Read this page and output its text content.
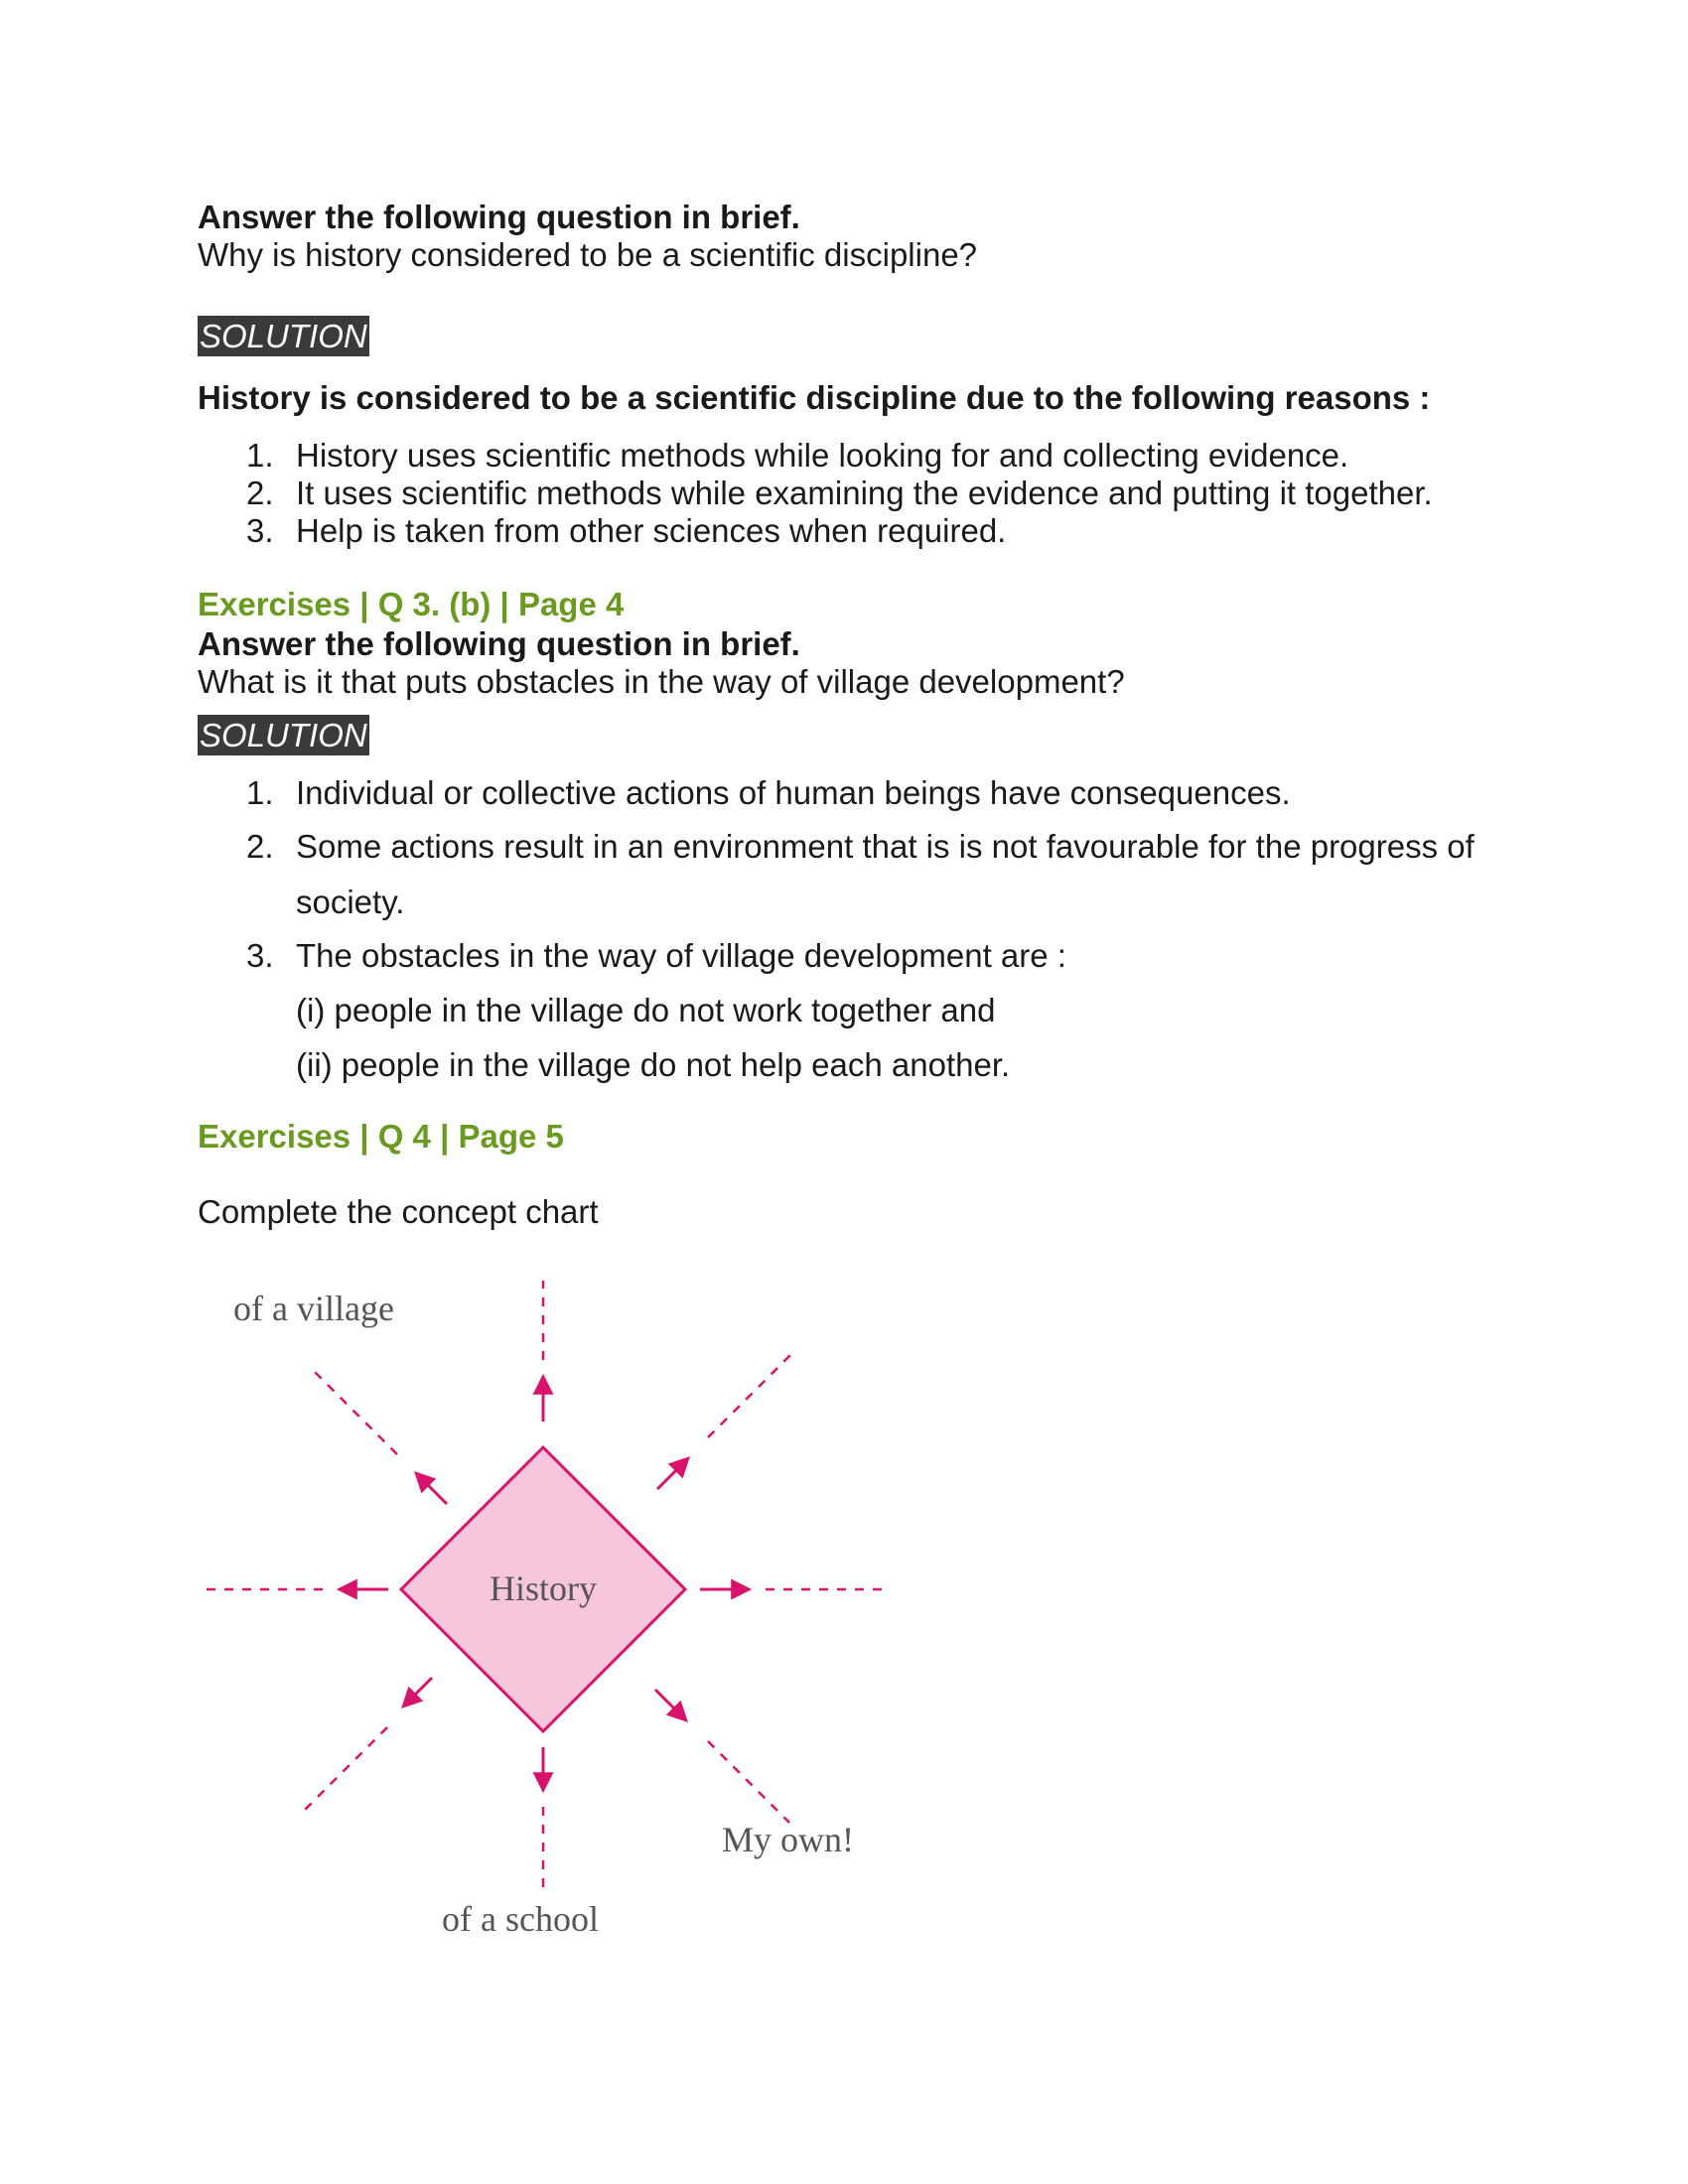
Answer the following question in brief.
Why is history considered to be a scientific discipline?
SOLUTION
History is considered to be a scientific discipline due to the following reasons :
1. History uses scientific methods while looking for and collecting evidence.
2. It uses scientific methods while examining the evidence and putting it together.
3. Help is taken from other sciences when required.
Exercises | Q 3. (b) | Page 4
Answer the following question in brief.
What is it that puts obstacles in the way of village development?
SOLUTION
1. Individual or collective actions of human beings have consequences.
2. Some actions result in an environment that is is not favourable for the progress of
society.
3. The obstacles in the way of village development are :
(i) people in the village do not work together and
(ii) people in the village do not help each another.
Exercises | Q 4 | Page 5
Complete the concept chart
History
of a village
My own!
of a school
